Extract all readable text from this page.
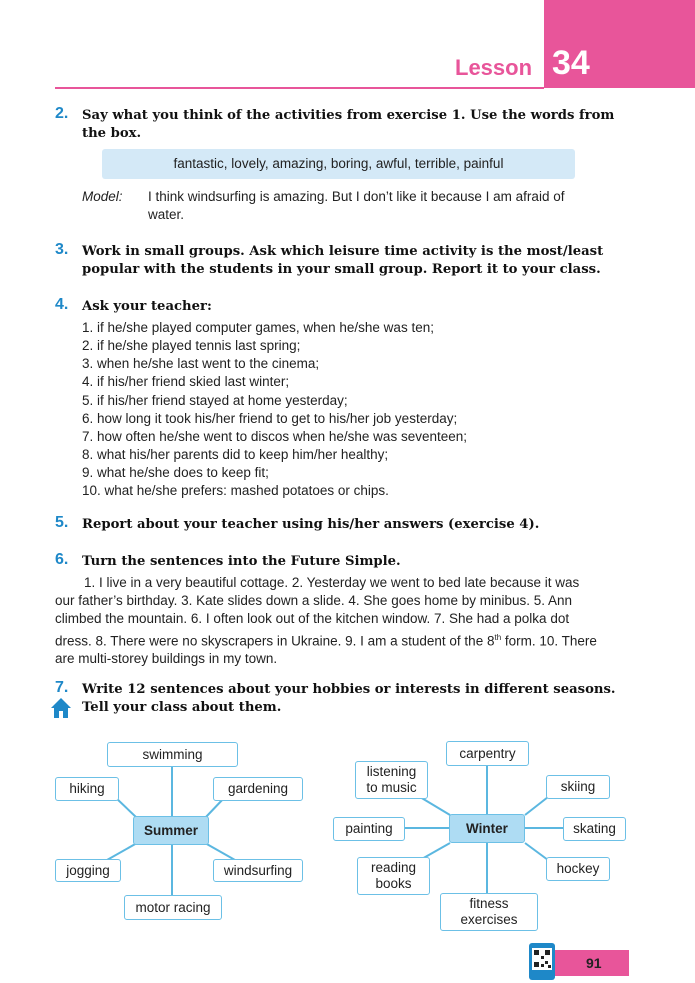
34
Lesson
2. Say what you think of the activities from exercise 1. Use the words from
the box.
fantastic, lovely, amazing, boring, awful, terrible, painful
Model: I think windsurfing is amazing. But I don’t like it because I am afraid of
water.
3. Work in small groups. Ask which leisure time activity is the most/least
popular with the students in your small group. Report it to your class.
4. Ask your teacher:

1. if he/she played computer games, when he/she was ten;

2. if he/she played tennis last spring;

3. when he/she last went to the cinema;

4. if his/her friend skied last winter;

5. if his/her friend stayed at home yesterday;

6. how long it took his/her friend to get to his/her job yesterday;

7. how often he/she went to discos when he/she was seventeen;

8. what his/her parents did to keep him/her healthy;

9. what he/she does to keep fit;

10. what he/she prefers: mashed potatoes or chips.

5. Report about your teacher using his/her answers (exercise 4).
6. Turn the sentences into the Future Simple.
1. I live in a very beautiful cottage. 2. Yesterday we went to bed late because it was
our father’s birthday. 3. Kate slides down a slide. 4. She goes home by minibus. 5. Ann
climbed the mountain. 6. I often look out of the kitchen window. 7. She had a polka dot
dress. 8. There were no skyscrapers in Ukraine. 9. I am a student of the 8th form. 10. There
are multi-storey buildings in my town.
7. Write 12 sentences about your hobbies or interests in different seasons.
Tell your class about them.
swimming
hiking	gardening
Summer
jogging	windsurfing
motor racing
carpentry
listening
to music	skiing
painting	Winter	skating
reading
books
hockey
fitness
exercises
91
